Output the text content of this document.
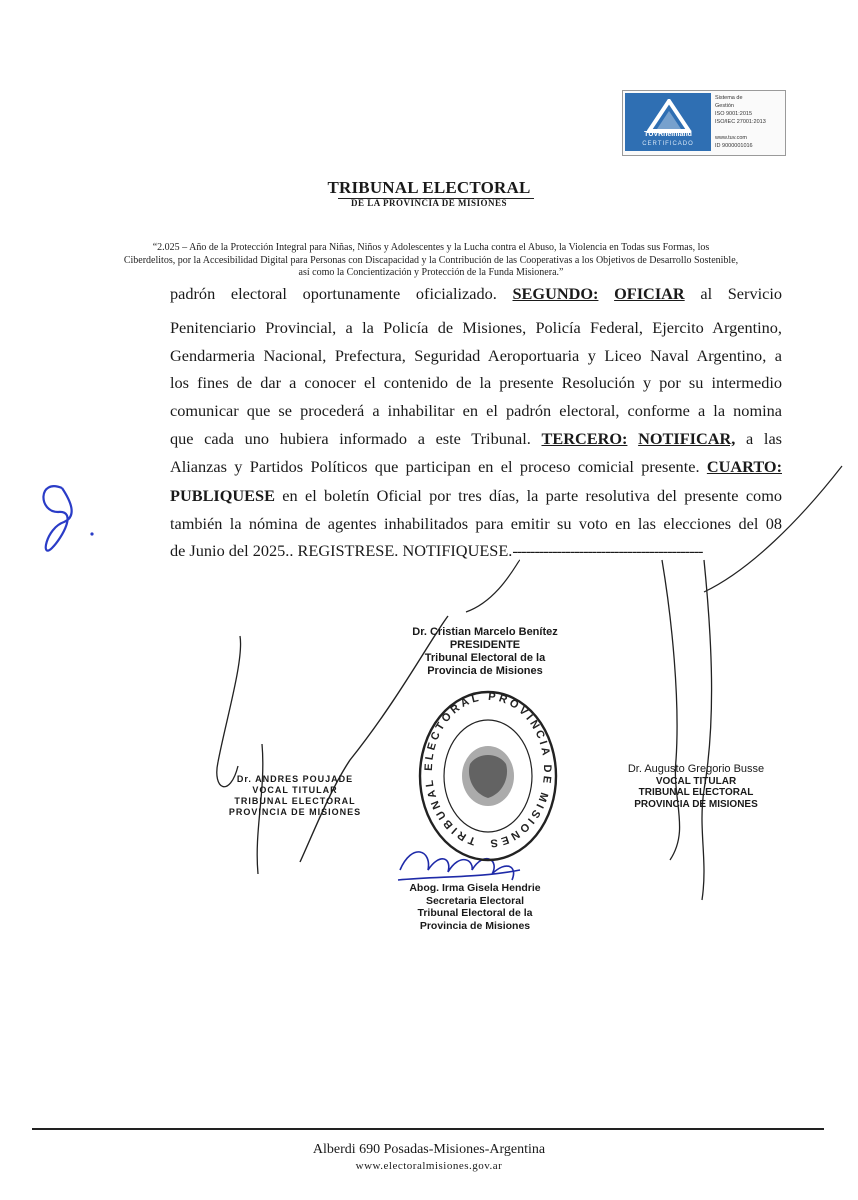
TÜVRheinland
CERTIFICADO
Sistema de
Gestión
ISO 9001:2015
ISO/IEC 27001:2013

www.tuv.com
ID 9000001016
TRIBUNAL ELECTORAL
DE LA PROVINCIA DE MISIONES
“2.025 – Año de la Protección Integral para Niñas, Niños y Adolescentes y la Lucha contra el Abuso, la Violencia en Todas sus Formas, los
Ciberdelitos, por la Accesibilidad Digital para Personas con Discapacidad y la Contribución de las Cooperativas a los Objetivos de Desarrollo Sostenible,
así como la Concientización y Protección de la Funda Misionera.”
padrón electoral oportunamente oficializado. SEGUNDO: OFICIAR al Servicio
Penitenciario Provincial, a la Policía de Misiones, Policía Federal, Ejercito Argentino,
Gendarmeria Nacional, Prefectura, Seguridad Aeroportuaria y Liceo Naval Argentino, a
los fines de dar a conocer el contenido de la presente Resolución y por su intermedio
comunicar que se procederá a inhabilitar en el padrón electoral, conforme a la nomina
que cada uno hubiera informado a este Tribunal. TERCERO: NOTIFICAR, a las
Alianzas y Partidos Políticos que participan en el proceso comicial presente. CUARTO:
PUBLIQUESE en el boletín Oficial por tres días, la parte resolutiva del presente como
también la nómina de agentes inhabilitados para emitir su voto en las elecciones del 08
de Junio del 2025.. REGISTRESE. NOTIFIQUESE.-------------------------------------------
Dr. Cristian Marcelo Benítez
PRESIDENTE
Tribunal Electoral de la
Provincia de Misiones
Dr. ANDRES POUJADE
VOCAL TITULAR
TRIBUNAL ELECTORAL
PROVINCIA DE MISIONES
Dr. Augusto Gregorio Busse
VOCAL TITULAR
TRIBUNAL ELECTORAL
PROVINCIA DE MISIONES
Abog. Irma Gisela Hendrie
Secretaria Electoral
Tribunal Electoral de la
Provincia de Misiones
TRIBUNAL ELECTORAL PROVINCIA DE MISIONES
Alberdi 690 Posadas-Misiones-Argentina
www.electoralmisiones.gov.ar
